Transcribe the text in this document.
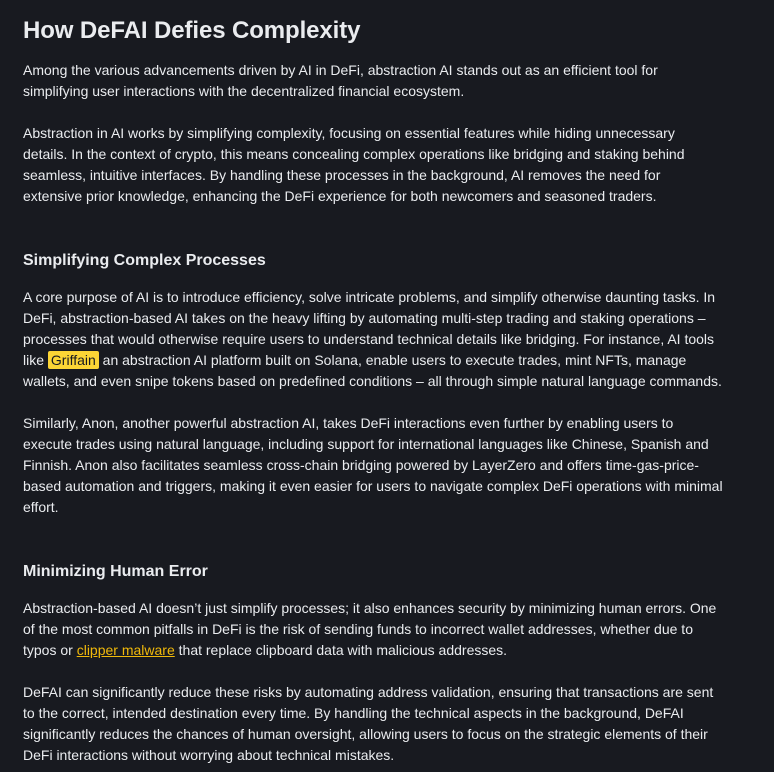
How DeFAI Defies Complexity

Among the various advancements driven by AI in DeFi, abstraction AI stands out as an efficient tool for simplifying user interactions with the decentralized financial ecosystem.

Abstraction in AI works by simplifying complexity, focusing on essential features while hiding unnecessary details. In the context of crypto, this means concealing complex operations like bridging and staking behind seamless, intuitive interfaces. By handling these processes in the background, AI removes the need for extensive prior knowledge, enhancing the DeFi experience for both newcomers and seasoned traders.

Simplifying Complex Processes

A core purpose of AI is to introduce efficiency, solve intricate problems, and simplify otherwise daunting tasks. In DeFi, abstraction-based AI takes on the heavy lifting by automating multi-step trading and staking operations – processes that would otherwise require users to understand technical details like bridging. For instance, AI tools like Griffain an abstraction AI platform built on Solana, enable users to execute trades, mint NFTs, manage wallets, and even snipe tokens based on predefined conditions – all through simple natural language commands.

Similarly, Anon, another powerful abstraction AI, takes DeFi interactions even further by enabling users to execute trades using natural language, including support for international languages like Chinese, Spanish and Finnish. Anon also facilitates seamless cross-chain bridging powered by LayerZero and offers time-gas-price-based automation and triggers, making it even easier for users to navigate complex DeFi operations with minimal effort.

Minimizing Human Error

Abstraction-based AI doesn’t just simplify processes; it also enhances security by minimizing human errors. One of the most common pitfalls in DeFi is the risk of sending funds to incorrect wallet addresses, whether due to typos or clipper malware that replace clipboard data with malicious addresses.

DeFAI can significantly reduce these risks by automating address validation, ensuring that transactions are sent to the correct, intended destination every time. By handling the technical aspects in the background, DeFAI significantly reduces the chances of human oversight, allowing users to focus on the strategic elements of their DeFi interactions without worrying about technical mistakes.
